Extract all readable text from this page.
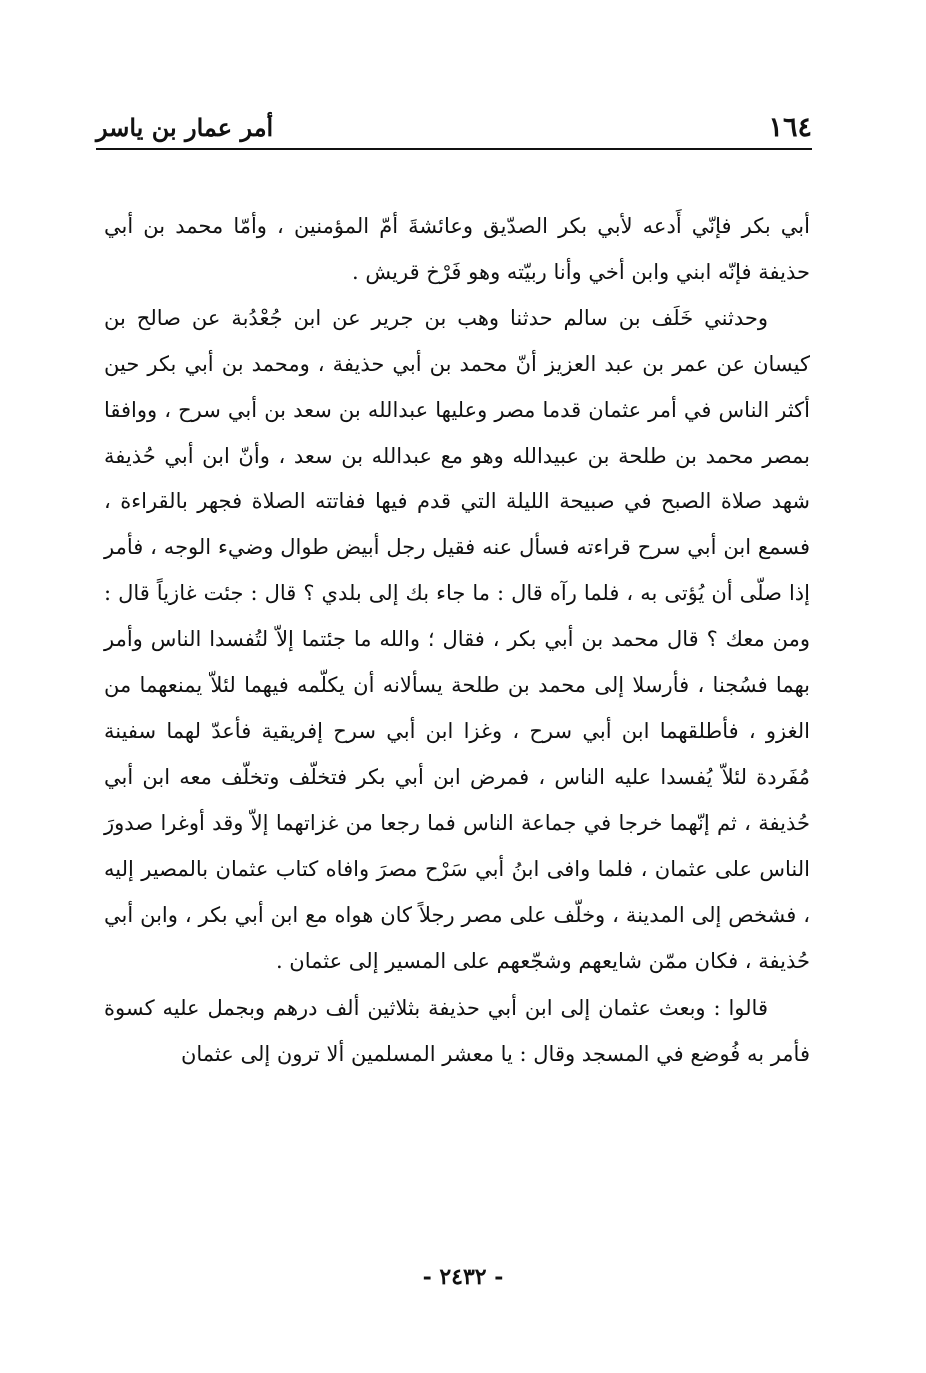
١٦٤
أمر عمار بن ياسر

أبي بكر فإنّي أَدعه لأبي بكر الصدّيق وعائشةَ أمّ المؤمنين ، وأمّا محمد بن أبي حذيفة فإنّه ابني وابن أخي وأنا ربيّته وهو فَرْخ قريش .

وحدثني خَلَف بن سالم حدثنا وهب بن جرير عن ابن جُعْدُبة عن صالح بن كيسان عن عمر بن عبد العزيز أنّ محمد بن أبي حذيفة ، ومحمد بن أبي بكر حين أكثر الناس في أمر عثمان قدما مصر وعليها عبدالله بن سعد بن أبي سرح ، ووافقا بمصر محمد بن طلحة بن عبيدالله وهو مع عبدالله بن سعد ، وأنّ ابن أبي حُذيفة شهد صلاة الصبح في صبيحة الليلة التي قدم فيها ففاتته الصلاة فجهر بالقراءة ، فسمع ابن أبي سرح قراءته فسأل عنه فقيل رجل أبيض طوال وضيء الوجه ، فأمر إذا صلّى أن يُؤتى به ، فلما رآه قال : ما جاء بك إلى بلدي ؟ قال : جئت غازياً قال : ومن معك ؟ قال محمد بن أبي بكر ، فقال ؛ والله ما جئتما إلاّ لتُفسدا الناس وأمر بهما فسُجنا ، فأرسلا إلى محمد بن طلحة يسألانه أن يكلّمه فيهما لئلاّ يمنعهما من الغزو ، فأطلقهما ابن أبي سرح ، وغزا ابن أبي سرح إفريقية فأعدّ لهما سفينة مُفَردة لئلاّ يُفسدا عليه الناس ، فمرض ابن أبي بكر فتخلّف وتخلّف معه ابن أبي حُذيفة ، ثم إنّهما خرجا في جماعة الناس فما رجعا من غزاتهما إلاّ وقد أوغرا صدورَ الناس على عثمان ، فلما وافى ابنُ أبي سَرْح مصرَ وافاه كتاب عثمان بالمصير إليه ، فشخص إلى المدينة ، وخلّف على مصر رجلاً كان هواه مع ابن أبي بكر ، وابن أبي حُذيفة ، فكان ممّن شايعهم وشجّعهم على المسير إلى عثمان .

قالوا : وبعث عثمان إلى ابن أبي حذيفة بثلاثين ألف درهم وبجمل عليه كسوة فأمر به فُوضع في المسجد وقال : يا معشر المسلمين ألا ترون إلى عثمان

- ٢٤٣٢ -
